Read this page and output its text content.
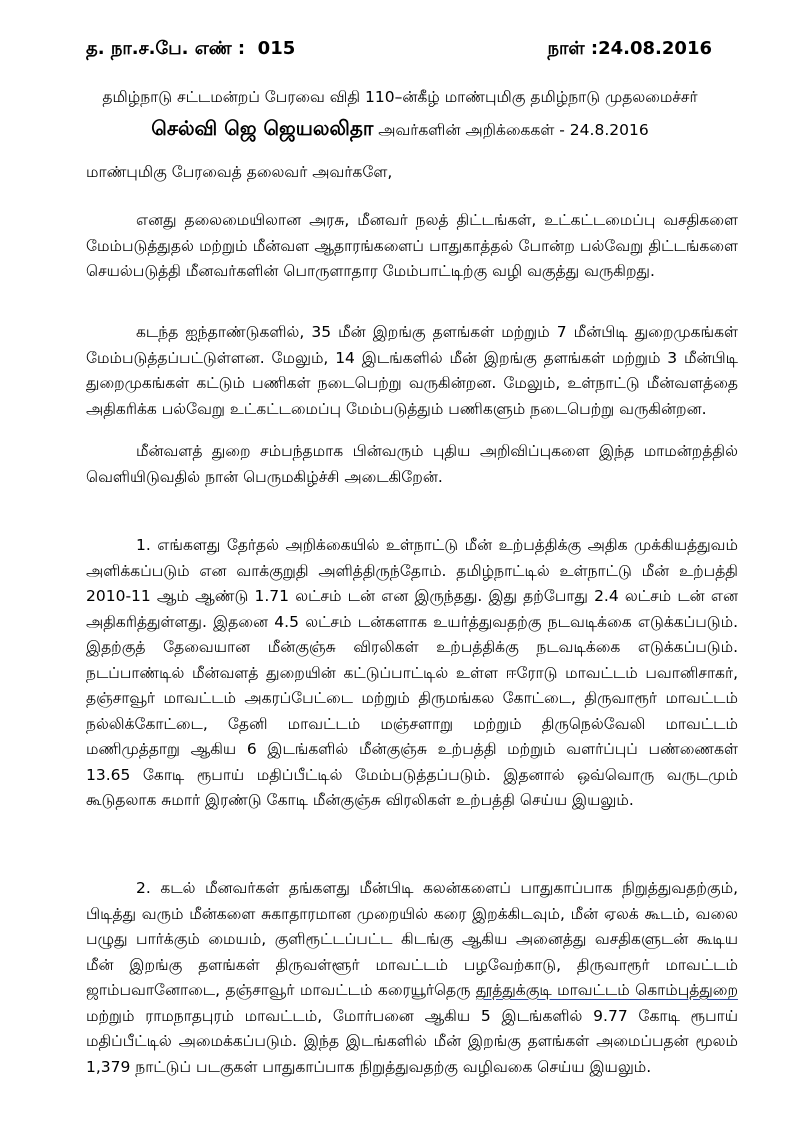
த. நா.ச.பே. எண் : 015	நாள் :24.08.2016
தமிழ்நாடு சட்டமன்றப் பேரவை விதி 110–ன்கீழ் மாண்புமிகு தமிழ்நாடு முதலமைச்சர்
செல்வி ஜெ ஜெயலலிதா அவர்களின் அறிக்கைகள் - 24.8.2016
மாண்புமிகு பேரவைத் தலைவர் அவர்களே,

எனது தலைமையிலான அரசு, மீனவர் நலத் திட்டங்கள், உட்கட்டமைப்பு வசதிகளை மேம்படுத்துதல் மற்றும் மீன்வள ஆதாரங்களைப் பாதுகாத்தல் போன்ற பல்வேறு திட்டங்களை செயல்படுத்தி மீனவர்களின் பொருளாதார மேம்பாட்டிற்கு வழி வகுத்து வருகிறது.

கடந்த ஐந்தாண்டுகளில், 35 மீன் இறங்கு தளங்கள் மற்றும் 7 மீன்பிடி துறைமுகங்கள் மேம்படுத்தப்பட்டுள்ளன. மேலும், 14 இடங்களில் மீன் இறங்கு தளங்கள் மற்றும் 3 மீன்பிடி துறைமுகங்கள் கட்டும் பணிகள் நடைபெற்று வருகின்றன. மேலும், உள்நாட்டு மீன்வளத்தை அதிகரிக்க பல்வேறு உட்கட்டமைப்பு மேம்படுத்தும் பணிகளும் நடைபெற்று வருகின்றன.

மீன்வளத் துறை சம்பந்தமாக பின்வரும் புதிய அறிவிப்புகளை இந்த மாமன்றத்தில் வெளியிடுவதில் நான் பெருமகிழ்ச்சி அடைகிறேன்.

1. எங்களது தேர்தல் அறிக்கையில் உள்நாட்டு மீன் உற்பத்திக்கு அதிக முக்கியத்துவம் அளிக்கப்படும் என வாக்குறுதி அளித்திருந்தோம். தமிழ்நாட்டில் உள்நாட்டு மீன் உற்பத்தி 2010-11 ஆம் ஆண்டு 1.71 லட்சம் டன் என இருந்தது. இது தற்போது 2.4 லட்சம் டன் என அதிகரித்துள்ளது. இதனை 4.5 லட்சம் டன்களாக உயர்த்துவதற்கு நடவடிக்கை எடுக்கப்படும். இதற்குத் தேவையான மீன்குஞ்சு விரலிகள் உற்பத்திக்கு நடவடிக்கை எடுக்கப்படும். நடப்பாண்டில் மீன்வளத் துறையின் கட்டுப்பாட்டில் உள்ள ஈரோடு மாவட்டம் பவானிசாகர், தஞ்சாவூர் மாவட்டம் அகரப்பேட்டை மற்றும் திருமங்கல கோட்டை, திருவாரூர் மாவட்டம் நல்லிக்கோட்டை, தேனி மாவட்டம் மஞ்சளாறு மற்றும் திருநெல்வேலி மாவட்டம் மணிமுத்தாறு ஆகிய 6 இடங்களில் மீன்குஞ்சு உற்பத்தி மற்றும் வளர்ப்புப் பண்ணைகள் 13.65 கோடி ரூபாய் மதிப்பீட்டில் மேம்படுத்தப்படும். இதனால் ஒவ்வொரு வருடமும் கூடுதலாக சுமார் இரண்டு கோடி மீன்குஞ்சு விரலிகள் உற்பத்தி செய்ய இயலும்.

2. கடல் மீனவர்கள் தங்களது மீன்பிடி கலன்களைப் பாதுகாப்பாக நிறுத்துவதற்கும், பிடித்து வரும் மீன்களை சுகாதாரமான முறையில் கரை இறக்கிடவும், மீன் ஏலக் கூடம், வலை பழுது பார்க்கும் மையம், குளிரூட்டப்பட்ட கிடங்கு ஆகிய அனைத்து வசதிகளுடன் கூடிய மீன் இறங்கு தளங்கள் திருவள்ளூர் மாவட்டம் பழவேற்காடு, திருவாரூர் மாவட்டம் ஜாம்பவானோடை, தஞ்சாவூர் மாவட்டம் கரையூர்தெரு தூத்துக்குடி மாவட்டம் கொம்புத்துறை மற்றும் ராமநாதபுரம் மாவட்டம், மோர்பனை ஆகிய 5 இடங்களில் 9.77 கோடி ரூபாய் மதிப்பீட்டில் அமைக்கப்படும். இந்த இடங்களில் மீன் இறங்கு தளங்கள் அமைப்பதன் மூலம் 1,379 நாட்டுப் படகுகள் பாதுகாப்பாக நிறுத்துவதற்கு வழிவகை செய்ய இயலும்.
